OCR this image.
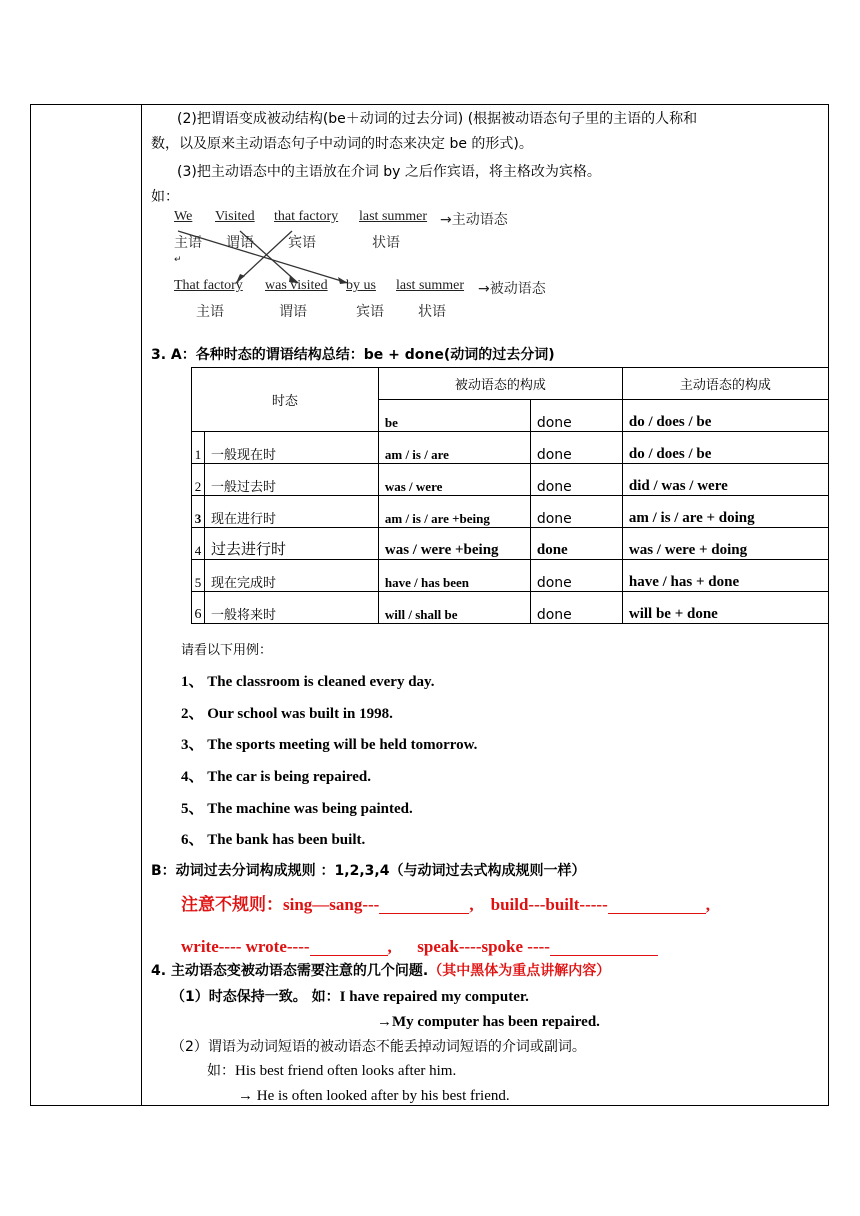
(2)把谓语变成被动结构(be＋动词的过去分词) (根据被动语态句子里的主语的人称和
数，以及原来主动语态句子中动词的时态来决定 be 的形式)。
(3)把主动语态中的主语放在介词 by 之后作宾语，将主格改为宾格。
如：
We Visited that factory last summer →主动语态
主语 谓语 宾语	状语
↵
That factory was visited by us last summer →被动语态
主语	谓语	宾语 状语
3. A：各种时态的谓语结构总结：be + done(动词的过去分词)
时态		被动语态的构成		主动语态的构成
		be	done	do / does / be
1	一般现在时	am / is / are	done	do / does / be
2	一般过去时	was / were	done	did / was / were
3	现在进行时	am / is / are +being	done	am / is / are + doing
4	过去进行时	was / were +being	done	was / were + doing
5	现在完成时	have / has been	done	have / has + done
6	一般将来时	will / shall be	done	will be + done
请看以下用例：
1、 The classroom is cleaned every day.
2、 Our school was built in 1998.
3、 The sports meeting will be held tomorrow.
4、 The car is being repaired.
5、 The machine was being painted.
6、 The bank has been built.
B：动词过去分词构成规则 ：1,2,3,4（与动词过去式构成规则一样）
注意不规则：sing—sang---	, build---built-----	,
write---- wrote----	, speak----spoke ----
4. 主动语态变被动语态需要注意的几个问题.（其中黑体为重点讲解内容）
（1）时态保持一致。 如：I have repaired my computer.
→My computer has been repaired.
（2）谓语为动词短语的被动语态不能丢掉动词短语的介词或副词。
如：His best friend often looks after him.
→ He is often looked after by his best friend.
